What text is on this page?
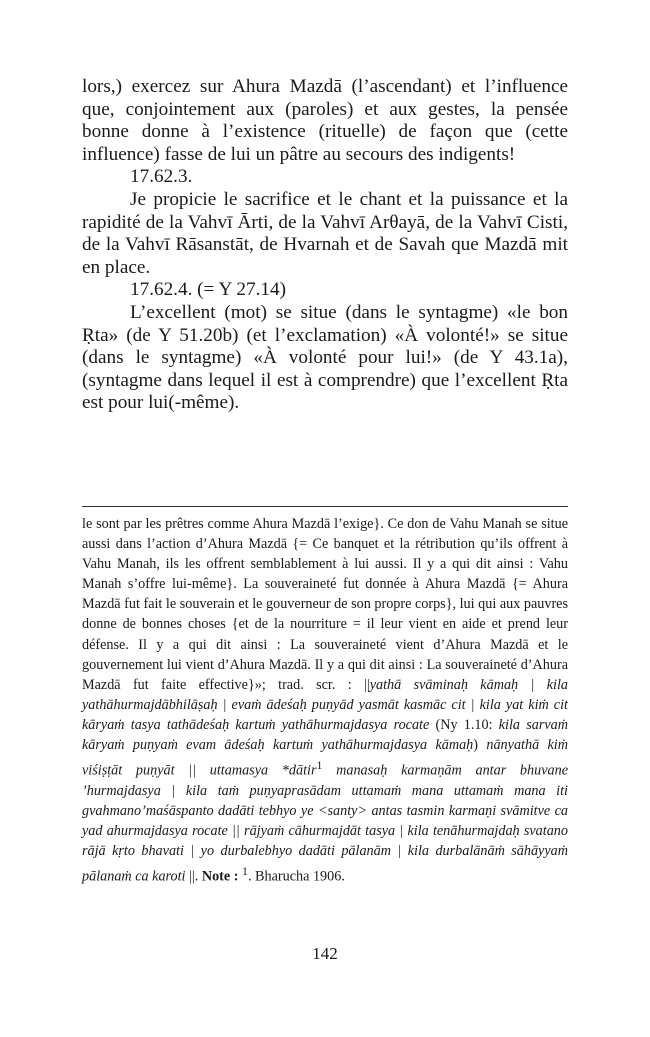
lors,) exercez sur Ahura Mazdā (l’ascendant) et l’influence que, conjointement aux (paroles) et aux gestes, la pensée bonne donne à l’existence (rituelle) de façon que (cette influence) fasse de lui un pâtre au secours des indigents!

17.62.3.

Je propicie le sacrifice et le chant et la puissance et la rapidité de la Vahvī Ārti, de la Vahvī Arθayā, de la Vahvī Cisti, de la Vahvī Rāsanstāt, de Hvarnah et de Savah que Mazdā mit en place.

17.62.4. (= Y 27.14)

L’excellent (mot) se situe (dans le syntagme) «le bon Ṛta» (de Y 51.20b) (et l’exclamation) «À volonté!» se situe (dans le syntagme) «À volonté pour lui!» (de Y 43.1a), (syntagme dans lequel il est à comprendre) que l’excellent Ṛta est pour lui(-même).

le sont par les prêtres comme Ahura Mazdā l’exige}. Ce don de Vahu Manah se situe aussi dans l’action d’Ahura Mazdā {= Ce banquet et la rétribution qu’ils offrent à Vahu Manah, ils les offrent semblablement à lui aussi. Il y a qui dit ainsi : Vahu Manah s’offre lui-même}. La souveraineté fut donnée à Ahura Mazdā {= Ahura Mazdā fut fait le souverain et le gouverneur de son propre corps}, lui qui aux pauvres donne de bonnes choses {et de la nourriture = il leur vient en aide et prend leur défense. Il y a qui dit ainsi : La souveraineté vient d’Ahura Mazdā et le gouvernement lui vient d’Ahura Mazdā. Il y a qui dit ainsi : La souveraineté d’Ahura Mazdā fut faite effective}»; trad. scr. : ||yathā svāminaḥ kāmaḥ | kila yathāhurmajdābhilāṣaḥ | evaṁ ādeśaḥ puṇyād yasmāt kasmāc cit | kila yat kiṁ cit kāryaṁ tasya tathādeśaḥ kartuṁ yathāhurmajdasya rocate (Ny 1.10: kila sarvaṁ kāryaṁ puṇyaṁ evam ādeśaḥ kartuṁ yathāhurmajdasya kāmaḥ) nānyathā kiṁ viśiṣṭāt puṇyāt || uttamasya *dātir$^1$ manasaḥ karmaṇām antar bhuvane ’hurmajdasya | kila taṁ puṇyaprasādam uttamaṁ mana uttamaṁ mana iti gvahmano’maśāspanto dadāti tebhyo ye <santy> antas tasmin karmaṇi svāmitve ca yad ahurmajdasya rocate || rājyaṁ cāhurmajdāt tasya | kila tenāhurmajdaḥ svatano rājā kṛto bhavati | yo durbalebhyo dadāti pālanām | kila durbalānāṁ sāhāyyaṁ pālanaṁ ca karoti ||. Note : $^1$. Bharucha 1906.

142
